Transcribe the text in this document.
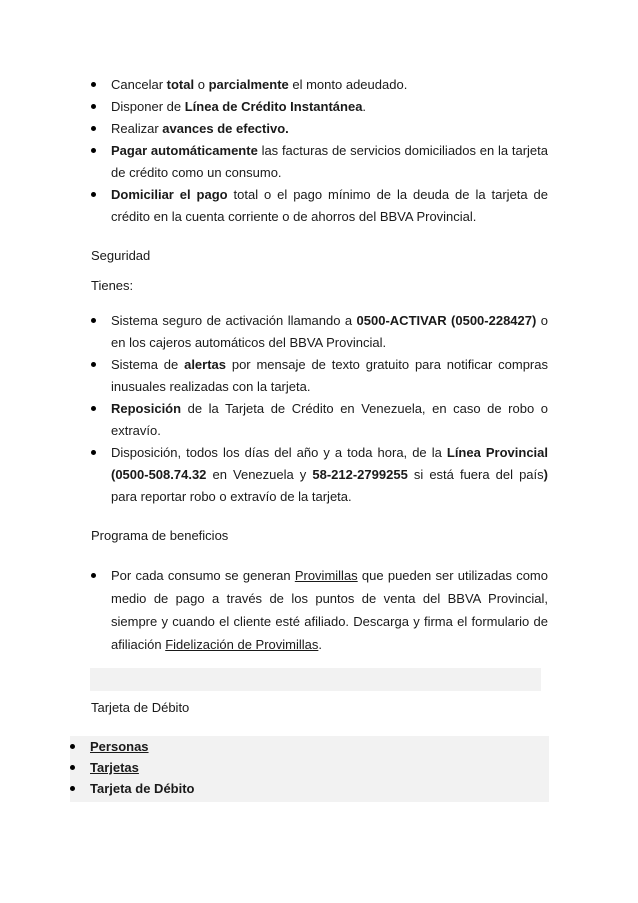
Cancelar total o parcialmente el monto adeudado.
Disponer de Línea de Crédito Instantánea.
Realizar avances de efectivo.
Pagar automáticamente las facturas de servicios domiciliados en la tarjeta de crédito como un consumo.
Domiciliar el pago total o el pago mínimo de la deuda de la tarjeta de crédito en la cuenta corriente o de ahorros del BBVA Provincial.
Seguridad
Tienes:
Sistema seguro de activación llamando a 0500-ACTIVAR (0500-228427) o en los cajeros automáticos del BBVA Provincial.
Sistema de alertas por mensaje de texto gratuito para notificar compras inusuales realizadas con la tarjeta.
Reposición de la Tarjeta de Crédito en Venezuela, en caso de robo o extravío.
Disposición, todos los días del año y a toda hora, de la Línea Provincial (0500-508.74.32 en Venezuela y 58-212-2799255 si está fuera del país) para reportar robo o extravío de la tarjeta.
Programa de beneficios
Por cada consumo se generan Provimillas que pueden ser utilizadas como medio de pago a través de los puntos de venta del BBVA Provincial, siempre y cuando el cliente esté afiliado. Descarga y firma el formulario de afiliación Fidelización de Provimillas.
Tarjeta de Débito
Personas
Tarjetas
Tarjeta de Débito
